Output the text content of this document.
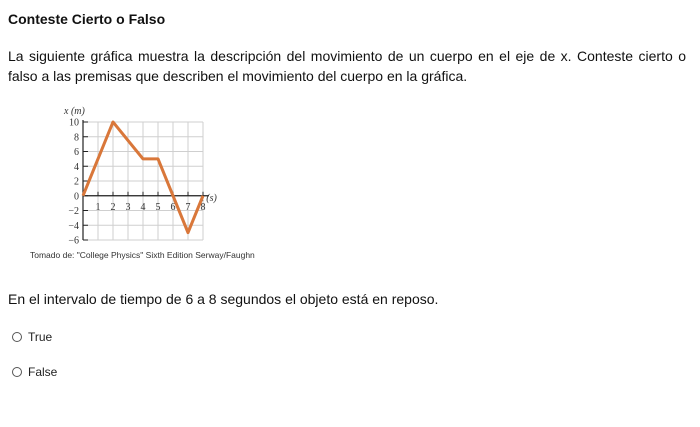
Conteste Cierto o Falso
La siguiente gráfica muestra la descripción del movimiento de un cuerpo en el eje de x. Conteste cierto o falso a las premisas que describen el movimiento del cuerpo en la gráfica.
10
8
6
4
2
0
−2
−4
−6
1 2 3 4 5 6 7 8
x (m)
t (s)
Tomado de: "College Physics" Sixth Edition Serway/Faughn
En el intervalo de tiempo de 6 a 8 segundos el objeto está en reposo.
True
False
